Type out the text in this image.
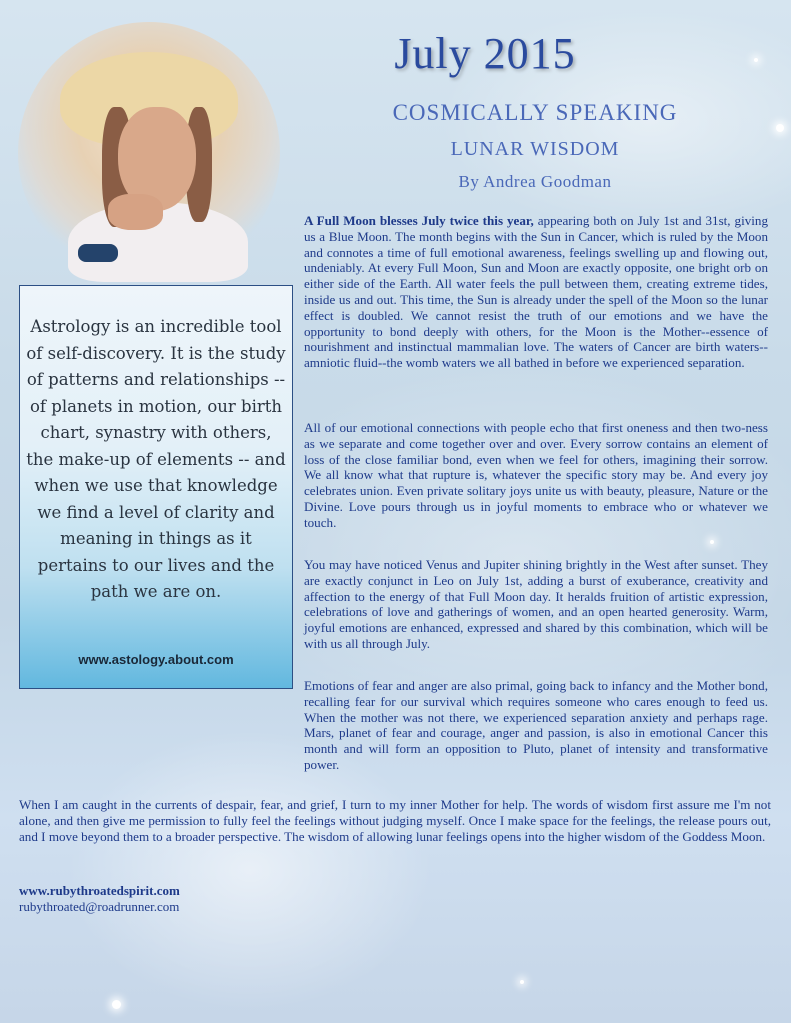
July 2015
COSMICALLY SPEAKING
LUNAR WISDOM
By Andrea Goodman
Astrology is an incredible tool of self-discovery. It is the study of patterns and relationships -- of planets in motion, our birth chart, synastry with others, the make-up of elements -- and when we use that knowledge we find a level of clarity and meaning in things as it pertains to our lives and the path we are on.
www.astology.about.com
A Full Moon blesses July twice this year, appearing both on July 1st and 31st, giving us a Blue Moon. The month begins with the Sun in Cancer, which is ruled by the Moon and connotes a time of full emotional awareness, feelings swelling up and flowing out, undeniably. At every Full Moon, Sun and Moon are exactly opposite, one bright orb on either side of the Earth. All water feels the pull between them, creating extreme tides, inside us and out. This time, the Sun is already under the spell of the Moon so the lunar effect is doubled. We cannot resist the truth of our emotions and we have the opportunity to bond deeply with others, for the Moon is the Mother--essence of nourishment and instinctual mammalian love. The waters of Cancer are birth waters--amniotic fluid--the womb waters we all bathed in before we experienced separation.
All of our emotional connections with people echo that first oneness and then two-ness as we separate and come together over and over. Every sorrow contains an element of loss of the close familiar bond, even when we feel for others, imagining their sorrow. We all know what that rupture is, whatever the specific story may be. And every joy celebrates union. Even private solitary joys unite us with beauty, pleasure, Nature or the Divine. Love pours through us in joyful moments to embrace who or whatever we touch.
You may have noticed Venus and Jupiter shining brightly in the West after sunset. They are exactly conjunct in Leo on July 1st, adding a burst of exuberance, creativity and affection to the energy of that Full Moon day. It heralds fruition of artistic expression, celebrations of love and gatherings of women, and an open hearted generosity. Warm, joyful emotions are enhanced, expressed and shared by this combination, which will be with us all through July.
Emotions of fear and anger are also primal, going back to infancy and the Mother bond, recalling fear for our survival which requires someone who cares enough to feed us. When the mother was not there, we experienced separation anxiety and perhaps rage. Mars, planet of fear and courage, anger and passion, is also in emotional Cancer this month and will form an opposition to Pluto, planet of intensity and transformative power.
When I am caught in the currents of despair, fear, and grief, I turn to my inner Mother for help. The words of wisdom first assure me I'm not alone, and then give me permission to fully feel the feelings without judging myself. Once I make space for the feelings, the release pours out, and I move beyond them to a broader perspective. The wisdom of allowing lunar feelings opens into the higher wisdom of the Goddess Moon.
www.rubythroatedspirit.com
rubythroated@roadrunner.com
